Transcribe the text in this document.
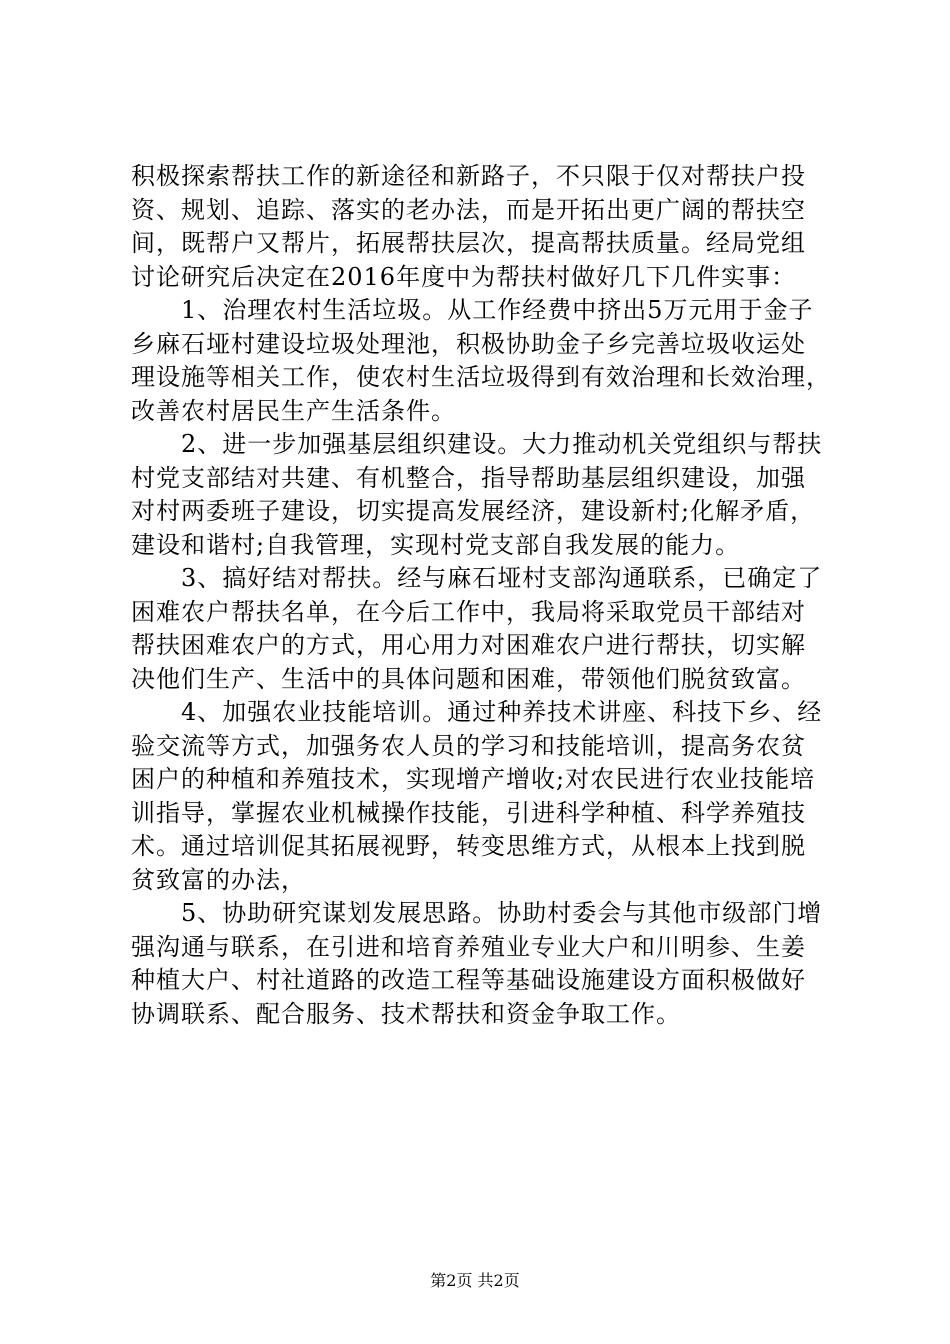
积极探索帮扶工作的新途径和新路子，不只限于仅对帮扶户投
资、规划、追踪、落实的老办法，而是开拓出更广阔的帮扶空
间，既帮户又帮片，拓展帮扶层次，提高帮扶质量。经局党组
讨论研究后决定在2016年度中为帮扶村做好几下几件实事：
　　1、治理农村生活垃圾。从工作经费中挤出5万元用于金子
乡麻石垭村建设垃圾处理池，积极协助金子乡完善垃圾收运处
理设施等相关工作，使农村生活垃圾得到有效治理和长效治理，
改善农村居民生产生活条件。
　　2、进一步加强基层组织建设。大力推动机关党组织与帮扶
村党支部结对共建、有机整合，指导帮助基层组织建设，加强
对村两委班子建设，切实提高发展经济，建设新村;化解矛盾，
建设和谐村;自我管理，实现村党支部自我发展的能力。
　　3、搞好结对帮扶。经与麻石垭村支部沟通联系，已确定了
困难农户帮扶名单，在今后工作中，我局将采取党员干部结对
帮扶困难农户的方式，用心用力对困难农户进行帮扶，切实解
决他们生产、生活中的具体问题和困难，带领他们脱贫致富。
　　4、加强农业技能培训。通过种养技术讲座、科技下乡、经
验交流等方式，加强务农人员的学习和技能培训，提高务农贫
困户的种植和养殖技术，实现增产增收;对农民进行农业技能培
训指导，掌握农业机械操作技能，引进科学种植、科学养殖技
术。通过培训促其拓展视野，转变思维方式，从根本上找到脱
贫致富的办法，
　　5、协助研究谋划发展思路。协助村委会与其他市级部门增
强沟通与联系，在引进和培育养殖业专业大户和川明参、生姜
种植大户、村社道路的改造工程等基础设施建设方面积极做好
协调联系、配合服务、技术帮扶和资金争取工作。
第2页 共2页
